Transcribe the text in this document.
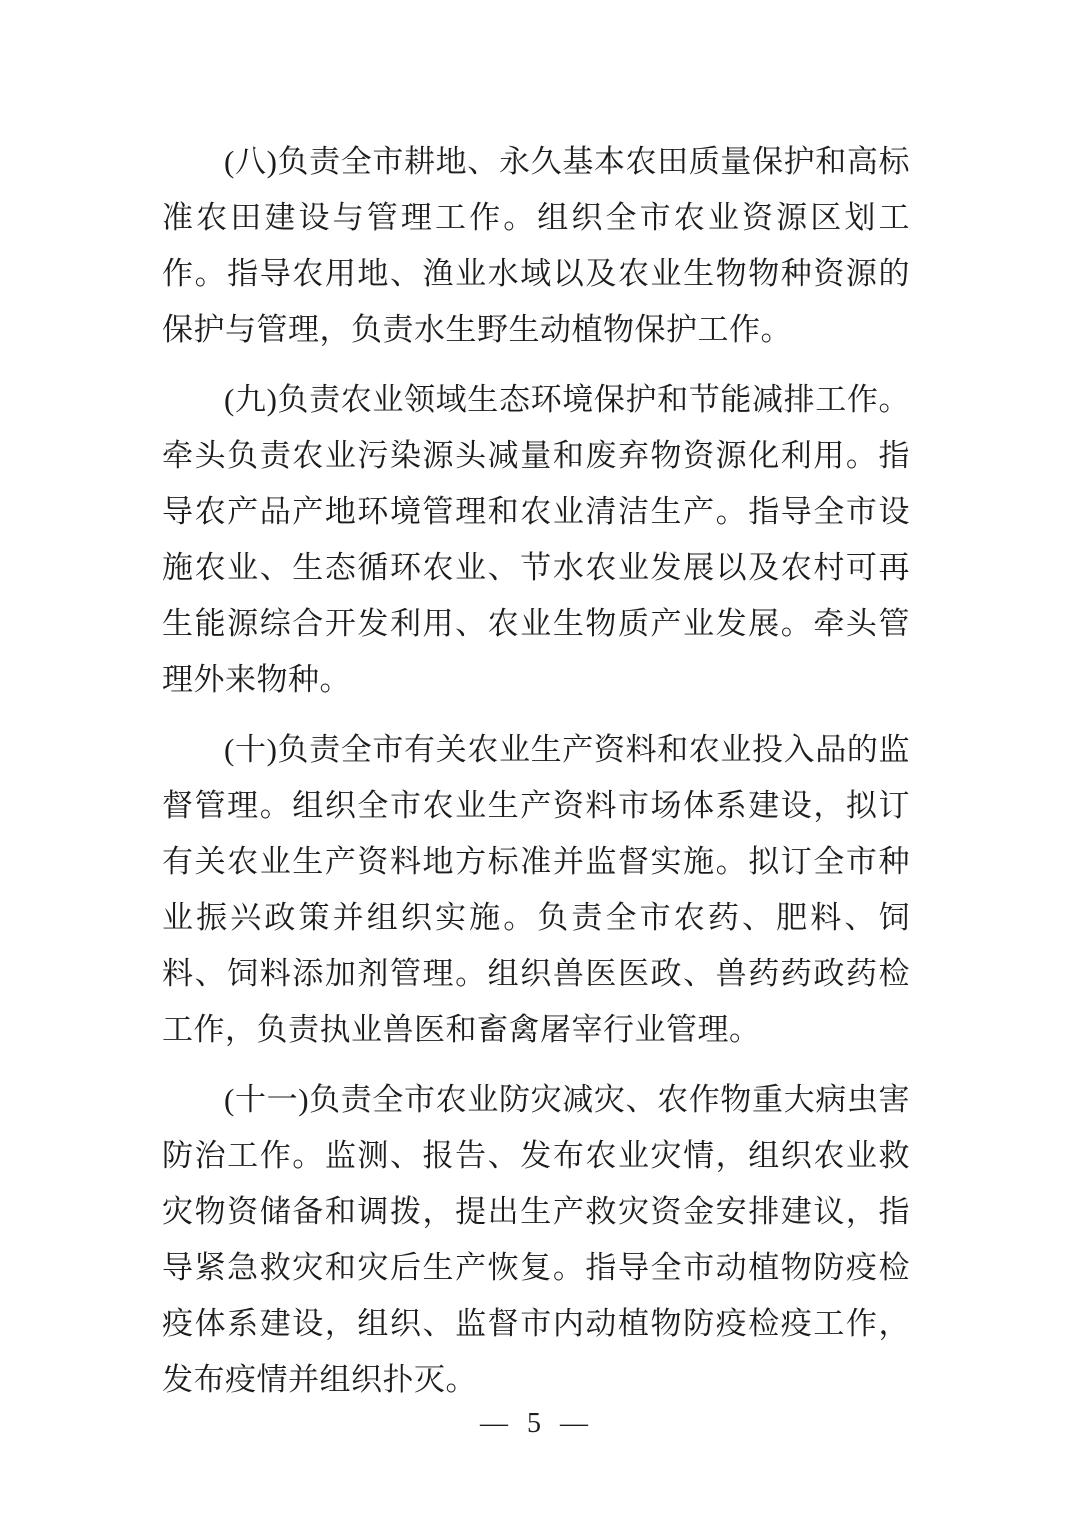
(八)负责全市耕地、永久基本农田质量保护和高标准农田建设与管理工作。组织全市农业资源区划工作。指导农用地、渔业水域以及农业生物物种资源的保护与管理，负责水生野生动植物保护工作。

(九)负责农业领域生态环境保护和节能减排工作。牵头负责农业污染源头减量和废弃物资源化利用。指导农产品产地环境管理和农业清洁生产。指导全市设施农业、生态循环农业、节水农业发展以及农村可再生能源综合开发利用、农业生物质产业发展。牵头管理外来物种。

(十)负责全市有关农业生产资料和农业投入品的监督管理。组织全市农业生产资料市场体系建设，拟订有关农业生产资料地方标准并监督实施。拟订全市种业振兴政策并组织实施。负责全市农药、肥料、饲料、饲料添加剂管理。组织兽医医政、兽药药政药检工作，负责执业兽医和畜禽屠宰行业管理。

(十一)负责全市农业防灾减灾、农作物重大病虫害防治工作。监测、报告、发布农业灾情，组织农业救灾物资储备和调拨，提出生产救灾资金安排建议，指导紧急救灾和灾后生产恢复。指导全市动植物防疫检疫体系建设，组织、监督市内动植物防疫检疫工作，发布疫情并组织扑灭。

— 5 —
